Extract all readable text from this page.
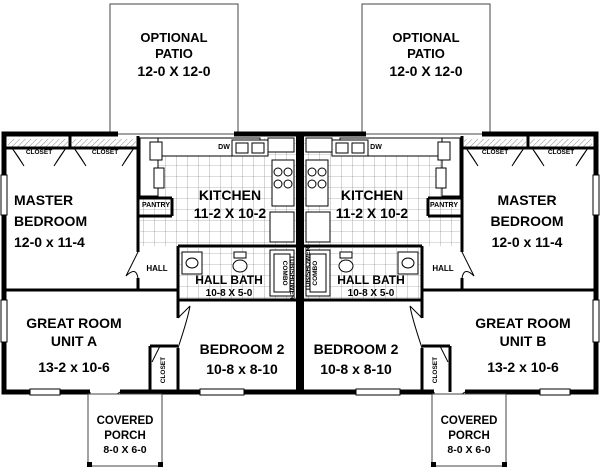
OPTIONAL
PATIO
12-0 X 12-0
OPTIONAL
PATIO
12-0 X 12-0
CLOSET	CLOSET	CLOSET	CLOSET
MASTER
BEDROOM
12-0 x 11-4
MASTER
BEDROOM
12-0 x 11-4
KITCHEN
11-2 X 10-2
KITCHEN
11-2 X 10-2
DW	DW
PANTRY	PANTRY
HALL	HALL
HALL BATH
10-8 X 5-0
HALL BATH
10-8 X 5-0
TUB/SHOWER
COMBO	TUB/SHOWER COMBO
GREAT ROOM
UNIT A
13-2 x 10-6
GREAT ROOM
UNIT B
13-2 x 10-6
BEDROOM 2
10-8 x 8-10
BEDROOM 2
10-8 x 8-10
CLOSET	CLOSET
COVERED
PORCH
8-0 X 6-0
COVERED
PORCH
8-0 X 6-0
